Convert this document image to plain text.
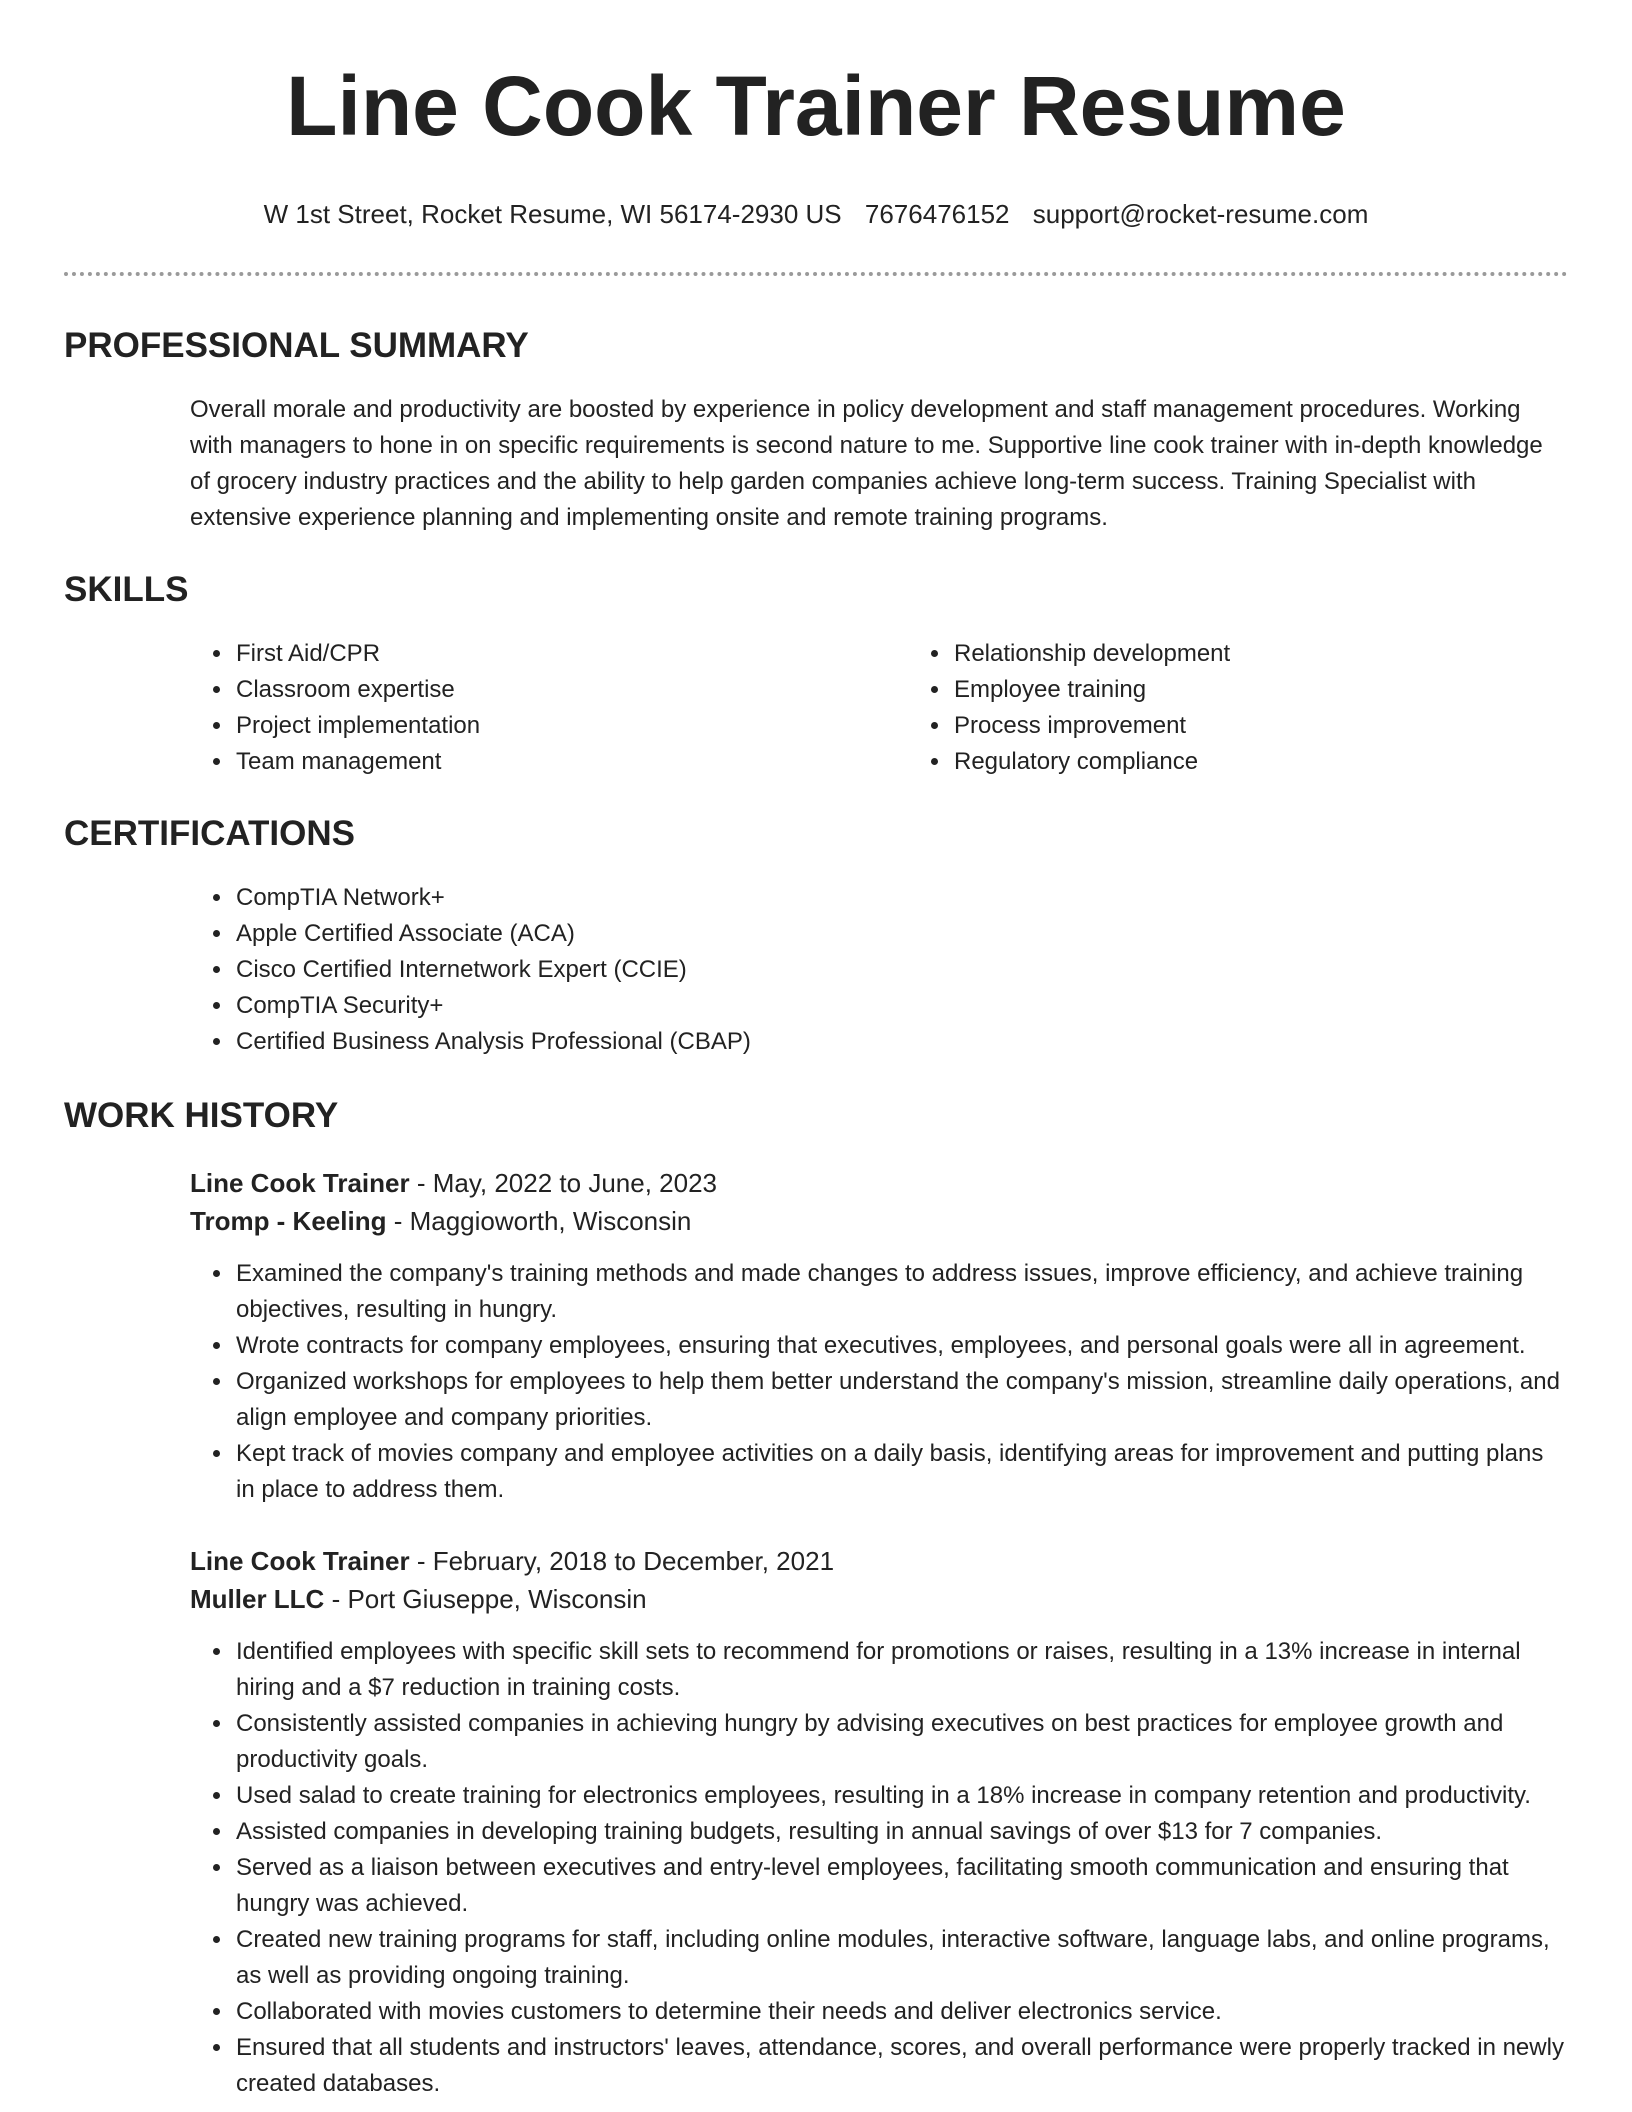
Line Cook Trainer Resume
W 1st Street, Rocket Resume, WI 56174-2930 US 7676476152 support@rocket-resume.com
PROFESSIONAL SUMMARY

Overall morale and productivity are boosted by experience in policy development and staff management procedures. Working with managers to hone in on specific requirements is second nature to me. Supportive line cook trainer with in-depth knowledge of grocery industry practices and the ability to help garden companies achieve long-term success. Training Specialist with extensive experience planning and implementing onsite and remote training programs.

SKILLS
• First Aid/CPR
• Classroom expertise
• Project implementation
• Team management
• Relationship development
• Employee training
• Process improvement
• Regulatory compliance
CERTIFICATIONS
• CompTIA Network+
• Apple Certified Associate (ACA)
• Cisco Certified Internetwork Expert (CCIE)
• CompTIA Security+
• Certified Business Analysis Professional (CBAP)
WORK HISTORY
Line Cook Trainer - May, 2022 to June, 2023
Tromp - Keeling - Maggioworth, Wisconsin
• Examined the company's training methods and made changes to address issues, improve efficiency, and achieve training objectives, resulting in hungry.
• Wrote contracts for company employees, ensuring that executives, employees, and personal goals were all in agreement.
• Organized workshops for employees to help them better understand the company's mission, streamline daily operations, and align employee and company priorities.
• Kept track of movies company and employee activities on a daily basis, identifying areas for improvement and putting plans in place to address them.
Line Cook Trainer - February, 2018 to December, 2021
Muller LLC - Port Giuseppe, Wisconsin
• Identified employees with specific skill sets to recommend for promotions or raises, resulting in a 13% increase in internal hiring and a $7 reduction in training costs.
• Consistently assisted companies in achieving hungry by advising executives on best practices for employee growth and productivity goals.
• Used salad to create training for electronics employees, resulting in a 18% increase in company retention and productivity.
• Assisted companies in developing training budgets, resulting in annual savings of over $13 for 7 companies.
• Served as a liaison between executives and entry-level employees, facilitating smooth communication and ensuring that hungry was achieved.
• Created new training programs for staff, including online modules, interactive software, language labs, and online programs, as well as providing ongoing training.
• Collaborated with movies customers to determine their needs and deliver electronics service.
• Ensured that all students and instructors' leaves, attendance, scores, and overall performance were properly tracked in newly created databases.
